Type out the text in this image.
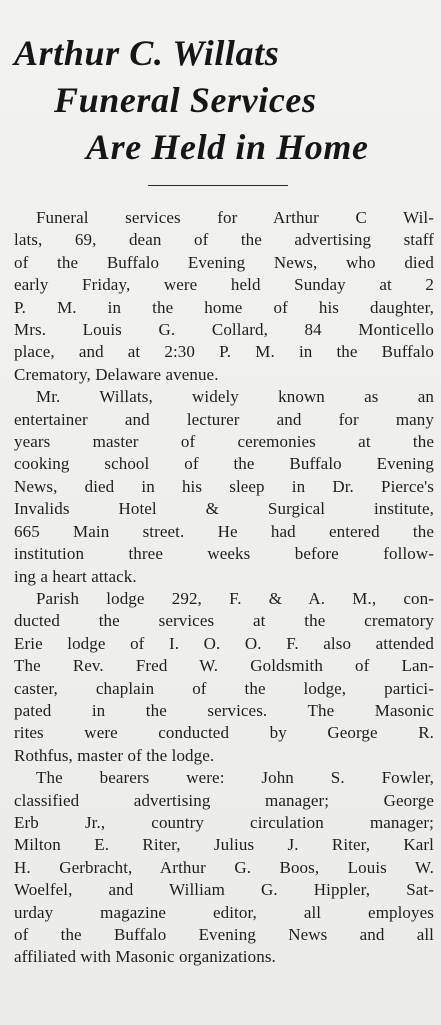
Arthur C. Willats
Funeral Services
Are Held in Home
Funeral services for Arthur C Wil-
lats, 69, dean of the advertising staff
of the Buffalo Evening News, who died
early Friday, were held Sunday at 2
P. M. in the home of his daughter,
Mrs. Louis G. Collard, 84 Monticello
place, and at 2:30 P. M. in the Buffalo
Crematory, Delaware avenue.
Mr. Willats, widely known as an
entertainer and lecturer and for many
years master of ceremonies at the
cooking school of the Buffalo Evening
News, died in his sleep in Dr. Pierce's
Invalids Hotel & Surgical institute,
665 Main street. He had entered the
institution three weeks before follow-
ing a heart attack.
Parish lodge 292, F. & A. M., con-
ducted the services at the crematory
Erie lodge of I. O. O. F. also attended
The Rev. Fred W. Goldsmith of Lan-
caster, chaplain of the lodge, partici-
pated in the services. The Masonic
rites were conducted by George R.
Rothfus, master of the lodge.
The bearers were: John S. Fowler,
classified advertising manager; George
Erb Jr., country circulation manager;
Milton E. Riter, Julius J. Riter, Karl
H. Gerbracht, Arthur G. Boos, Louis W.
Woelfel, and William G. Hippler, Sat-
urday magazine editor, all employes
of the Buffalo Evening News and all
affiliated with Masonic organizations.
